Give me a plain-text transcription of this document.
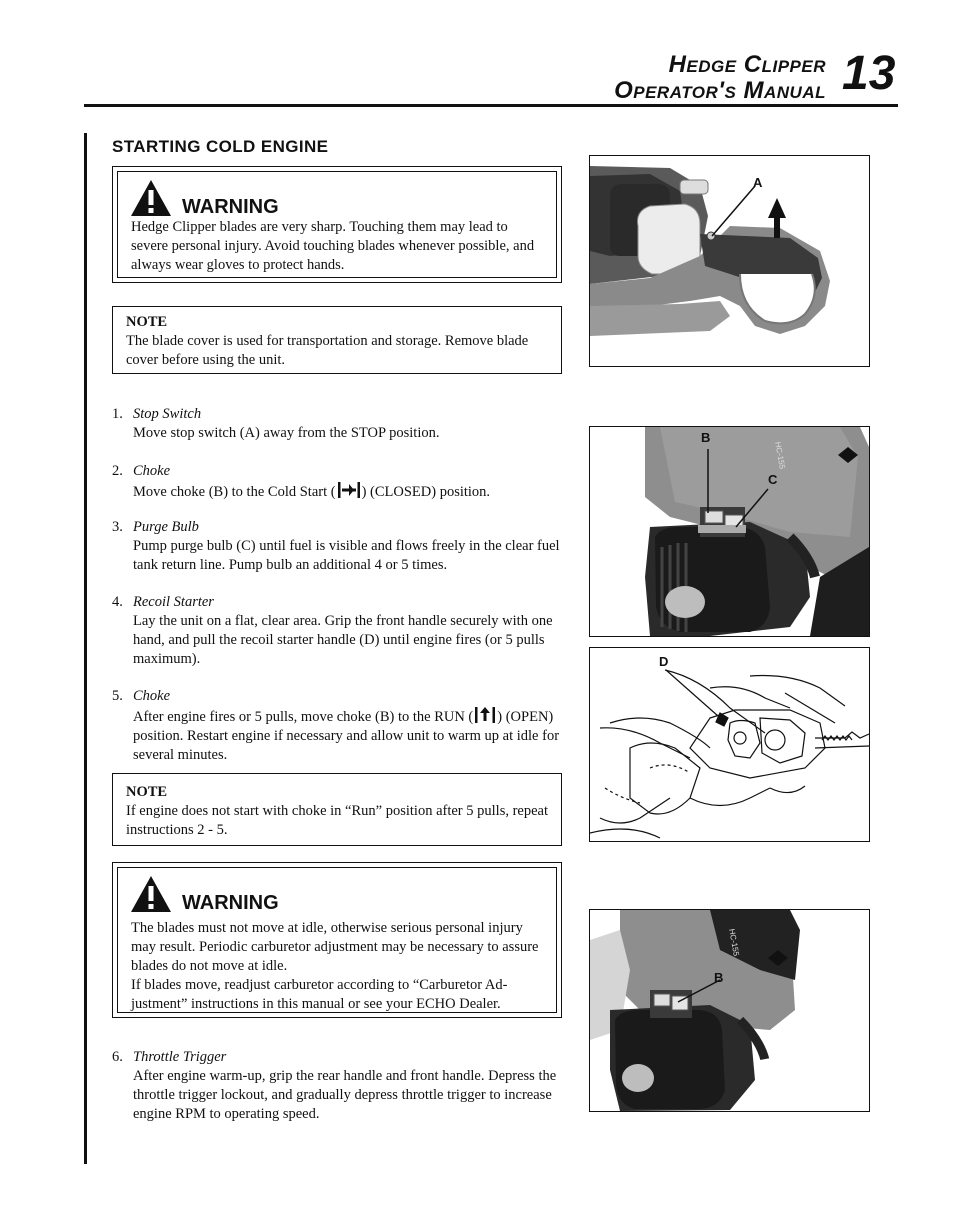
Hedge Clipper
Operator's Manual 13
STARTING COLD ENGINE
WARNING
Hedge Clipper blades are very sharp. Touching them may lead to severe personal injury. Avoid touching blades whenever possible, and always wear gloves to protect hands.
NOTE
The blade cover is used for transportation and storage. Remove blade cover before using the unit.
1. Stop Switch
Move stop switch (A) away from the STOP position.
2. Choke
Move choke (B) to the Cold Start ( ) (CLOSED) position.
3. Purge Bulb
Pump purge bulb (C) until fuel is visible and flows freely in the clear fuel tank return line. Pump bulb an additional 4 or 5 times.
4. Recoil Starter
Lay the unit on a flat, clear area. Grip the front handle securely with one hand, and pull the recoil starter handle (D) until engine fires (or 5 pulls maximum).
5. Choke
After engine fires or 5 pulls, move choke (B) to the RUN ( ) (OPEN) position. Restart engine if necessary and allow unit to warm up at idle for several minutes.
NOTE
If engine does not start with choke in “Run” position after 5 pulls, repeat instructions 2 - 5.
WARNING
The blades must not move at idle, otherwise serious personal injury may result. Periodic carburetor adjustment may be necessary to assure blades do not move at idle.
If blades move, readjust carburetor according to “Carburetor Ad-justment” instructions in this manual or see your ECHO Dealer.
6. Throttle Trigger
After engine warm-up, grip the rear handle and front handle. Depress the throttle trigger lockout, and gradually depress throttle trigger to increase engine RPM to operating speed.
A
B
C
HC-155
D
B
HC-155
